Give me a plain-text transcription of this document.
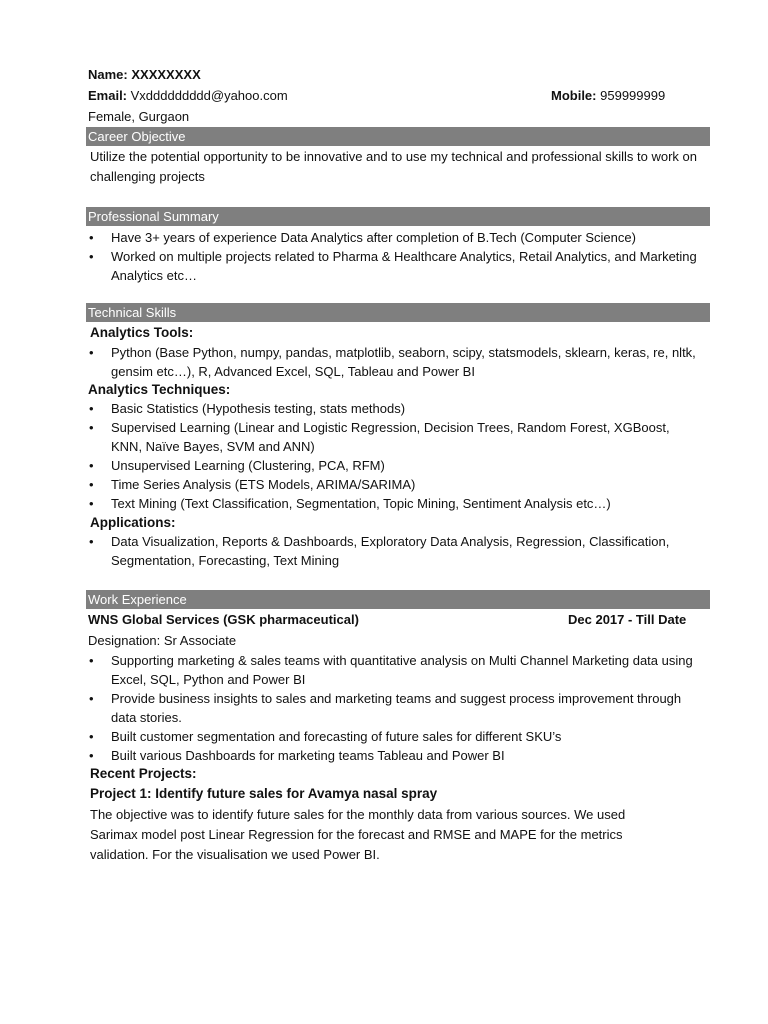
Name: XXXXXXXX
Email: Vxddddddddd@yahoo.com	Mobile: 959999999
Female, Gurgaon
Career Objective
Utilize the potential opportunity to be innovative and to use my technical and professional skills to work on challenging projects
Professional Summary
• Have 3+ years of experience Data Analytics after completion of B.Tech (Computer Science)
• Worked on multiple projects related to Pharma & Healthcare Analytics, Retail Analytics, and Marketing Analytics etc…
Technical Skills
Analytics Tools:
• Python (Base Python, numpy, pandas, matplotlib, seaborn, scipy, statsmodels, sklearn, keras, re, nltk, gensim etc…), R, Advanced Excel, SQL, Tableau and Power BI
Analytics Techniques:
• Basic Statistics (Hypothesis testing, stats methods)
• Supervised Learning (Linear and Logistic Regression, Decision Trees, Random Forest, XGBoost, KNN, Naïve Bayes, SVM and ANN)
• Unsupervised Learning (Clustering, PCA, RFM)
• Time Series Analysis (ETS Models, ARIMA/SARIMA)
• Text Mining (Text Classification, Segmentation, Topic Mining, Sentiment Analysis etc…)
Applications:
• Data Visualization, Reports & Dashboards, Exploratory Data Analysis, Regression, Classification, Segmentation, Forecasting, Text Mining
Work Experience
WNS Global Services (GSK pharmaceutical)	Dec 2017 - Till Date
Designation: Sr Associate
• Supporting marketing & sales teams with quantitative analysis on Multi Channel Marketing data using Excel, SQL, Python and Power BI
• Provide business insights to sales and marketing teams and suggest process improvement through data stories.
• Built customer segmentation and forecasting of future sales for different SKU’s
• Built various Dashboards for marketing teams Tableau and Power BI
Recent Projects:
Project 1: Identify future sales for Avamya nasal spray
The objective was to identify future sales for the monthly data from various sources. We used Sarimax model post Linear Regression for the forecast and RMSE and MAPE for the metrics validation. For the visualisation we used Power BI.
